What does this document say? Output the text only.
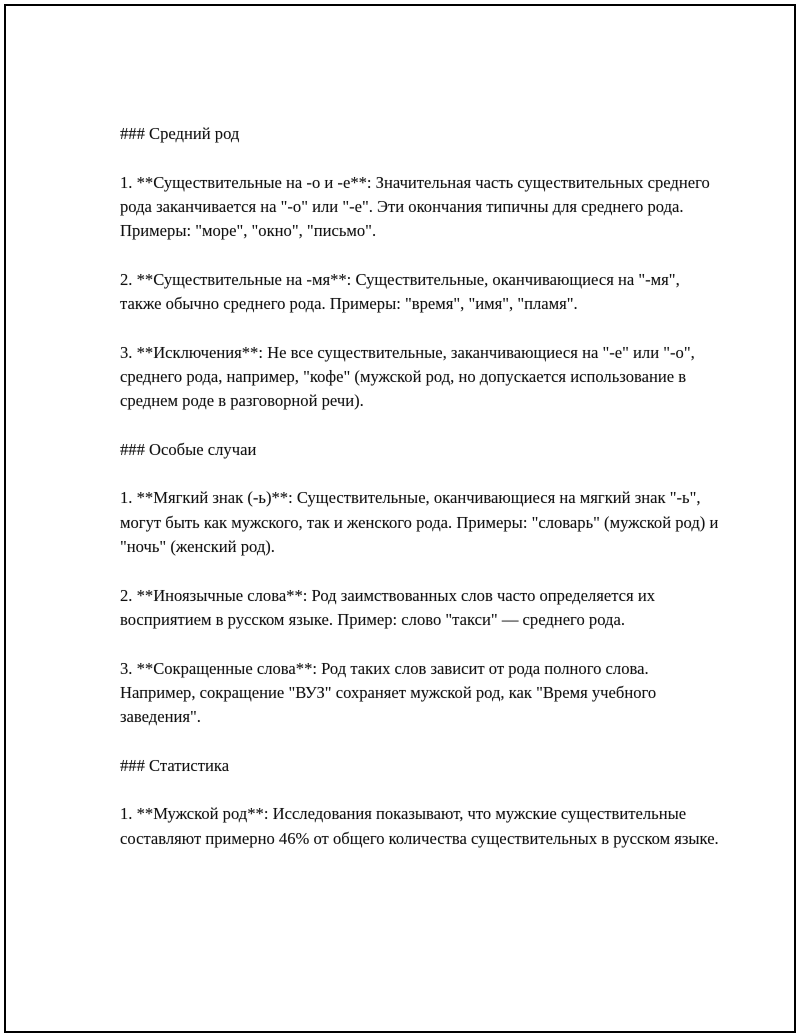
### Средний род
1. **Существительные на -о и -е**: Значительная часть существительных среднего рода заканчивается на "-о" или "-е". Эти окончания типичны для среднего рода. Примеры: "море", "окно", "письмо".
2. **Существительные на -мя**: Существительные, оканчивающиеся на "-мя", также обычно среднего рода. Примеры: "время", "имя", "пламя".
3. **Исключения**: Не все существительные, заканчивающиеся на "-е" или "-о", среднего рода, например, "кофе" (мужской род, но допускается использование в среднем роде в разговорной речи).
### Особые случаи
1. **Мягкий знак (-ь)**: Существительные, оканчивающиеся на мягкий знак "-ь", могут быть как мужского, так и женского рода. Примеры: "словарь" (мужской род) и "ночь" (женский род).
2. **Иноязычные слова**: Род заимствованных слов часто определяется их восприятием в русском языке. Пример: слово "такси" — среднего рода.
3. **Сокращенные слова**: Род таких слов зависит от рода полного слова. Например, сокращение "ВУЗ" сохраняет мужской род, как "Время учебного заведения".
### Статистика
1. **Мужской род**: Исследования показывают, что мужские существительные составляют примерно 46% от общего количества существительных в русском языке.
